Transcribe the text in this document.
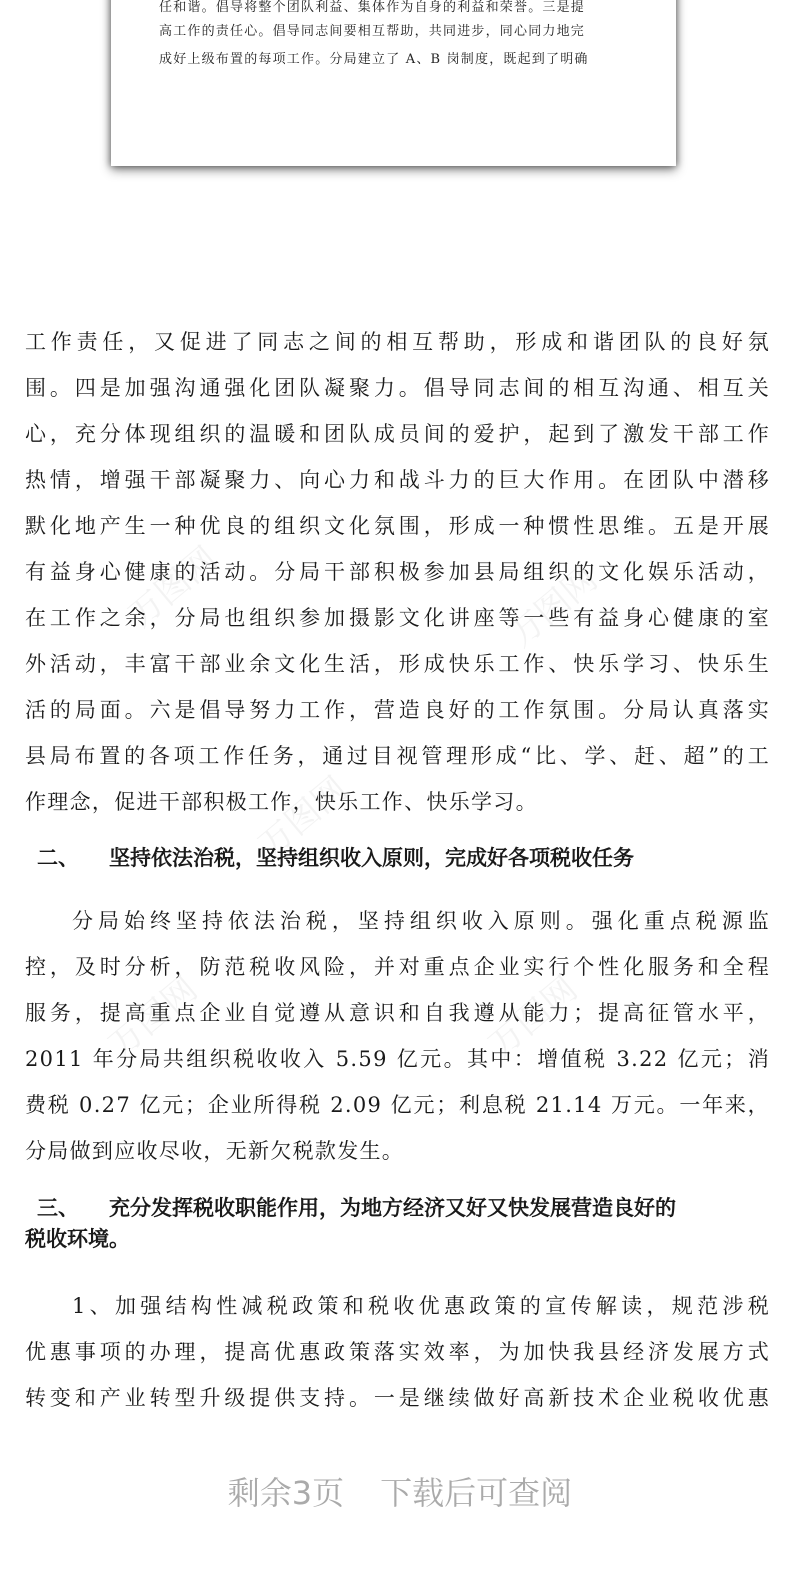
任和谐。倡导将整个团队利益、集体作为自身的利益和荣誉。三是提
高工作的责任心。倡导同志间要相互帮助，共同进步，同心同力地完
成好上级布置的每项工作。分局建立了 A、B 岗制度，既起到了明确
万图网	万图网
万图网
万图网
万图网
工作责任，又促进了同志之间的相互帮助，形成和谐团队的良好氛
围。四是加强沟通强化团队凝聚力。倡导同志间的相互沟通、相互关
心，充分体现组织的温暖和团队成员间的爱护，起到了激发干部工作
热情，增强干部凝聚力、向心力和战斗力的巨大作用。在团队中潜移
默化地产生一种优良的组织文化氛围，形成一种惯性思维。五是开展
有益身心健康的活动。分局干部积极参加县局组织的文化娱乐活动，
在工作之余，分局也组织参加摄影文化讲座等一些有益身心健康的室
外活动，丰富干部业余文化生活，形成快乐工作、快乐学习、快乐生
活的局面。六是倡导努力工作，营造良好的工作氛围。分局认真落实
县局布置的各项工作任务，通过目视管理形成“比、学、赶、超”的工
作理念，促进干部积极工作，快乐工作、快乐学习。
二、 坚持依法治税，坚持组织收入原则，完成好各项税收任务
分局始终坚持依法治税，坚持组织收入原则。强化重点税源监
控，及时分析，防范税收风险，并对重点企业实行个性化服务和全程
服务，提高重点企业自觉遵从意识和自我遵从能力；提高征管水平，
2011 年分局共组织税收收入 5.59 亿元。其中：增值税 3.22 亿元；消
费税 0.27 亿元；企业所得税 2.09 亿元；利息税 21.14 万元。一年来，
分局做到应收尽收，无新欠税款发生。
三、 充分发挥税收职能作用，为地方经济又好又快发展营造良好的
税收环境。
1、加强结构性减税政策和税收优惠政策的宣传解读，规范涉税
优惠事项的办理，提高优惠政策落实效率，为加快我县经济发展方式
转变和产业转型升级提供支持。一是继续做好高新技术企业税收优惠
剩余3页 下载后可查阅
